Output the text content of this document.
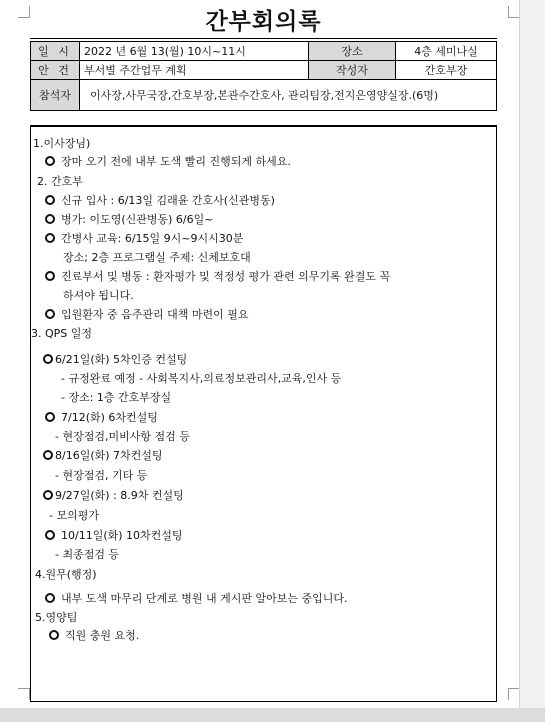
간부회의록
일 시	2022 년 6월 13(월) 10시~11시	장소	4층 세미나실
안 건	부서별 주간업무 계획	작성자	간호부장
참석자	이사장,사무국장,간호부장,본관수간호사, 관리팀장,전지은영양실장.(6명)		
1.이사장님)
장마 오기 전에 내부 도색 빨리 진행되게 하세요.
2. 간호부
신규 입사 : 6/13일 김래윤 간호사(신관병동)
병가: 이도영(신관병동) 6/6일~
간병사 교육: 6/15일 9시~9시시30분
장소; 2층 프로그램실 주제: 신체보호대
진료부서 및 병동 : 환자평가 및 적정성 평가 관련 의무기록 완결도 꼭
하셔야 됩니다.
입원환자 중 음주관리 대책 마련이 필요
3. QPS 일정
6/21일(화) 5차인증 컨설팅
- 규정완료 예정 - 사회복지사,의료정보관리사,교육,인사 등
- 장소: 1층 간호부장실
7/12(화) 6차컨설팅
- 현장점검,미비사항 점검 등
8/16일(화) 7차컨설팅
- 현장점검, 기타 등
9/27일(화) : 8.9차 컨설팅
- 모의평가
10/11일(화) 10차컨설팅
- 최종점검 등
4.원무(행정)
내부 도색 마무리 단계로 병원 내 게시판 알아보는 중입니다.
5.영양팀
직원 충원 요청.
